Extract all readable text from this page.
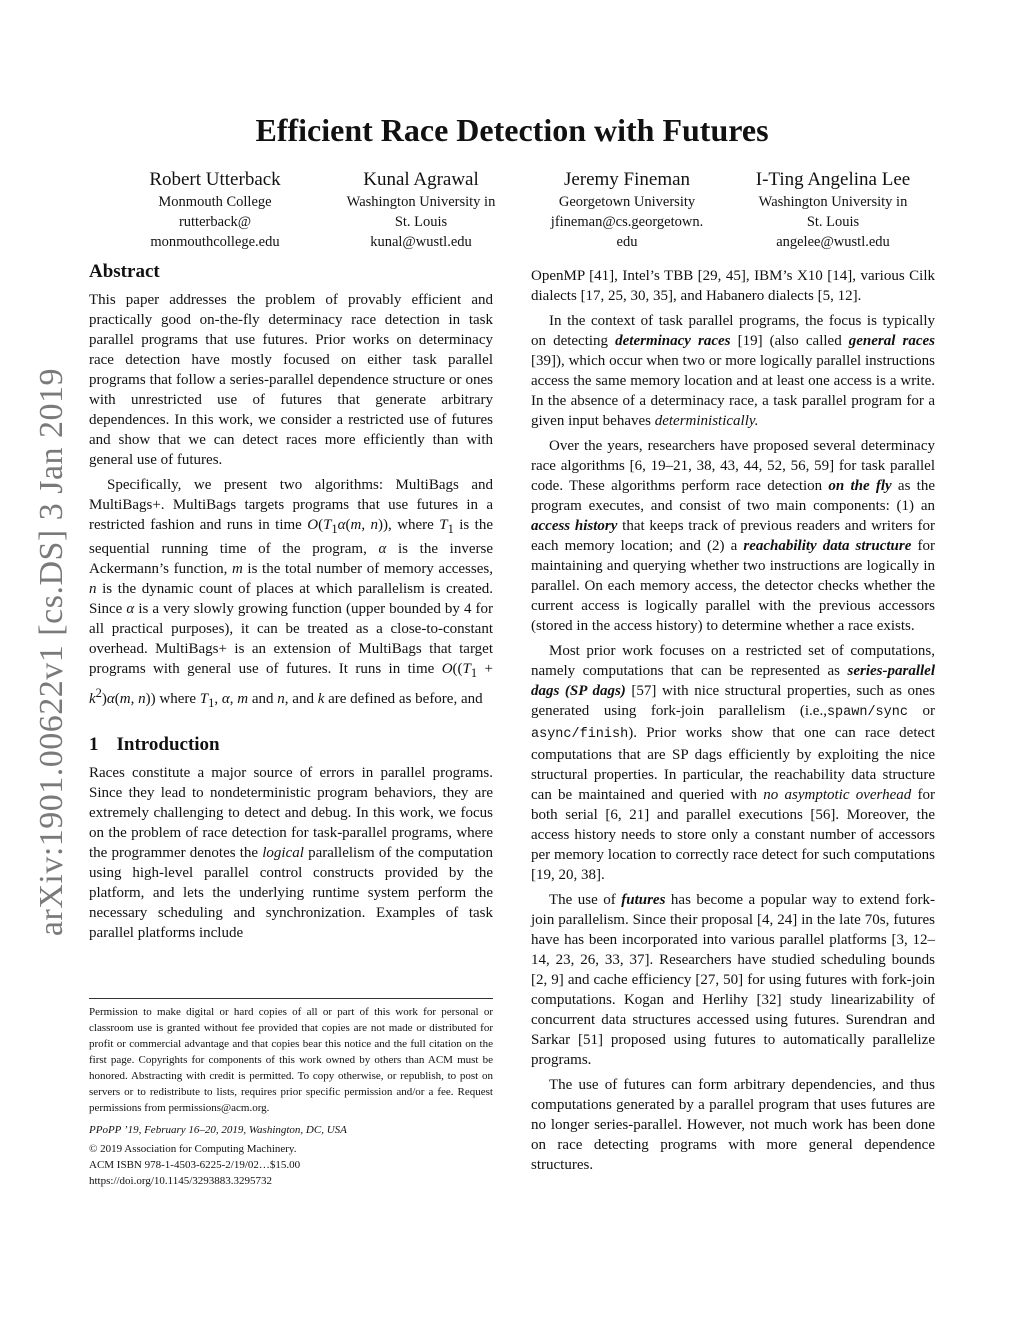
arXiv:1901.00622v1 [cs.DS] 3 Jan 2019
Efficient Race Detection with Futures
Robert Utterback
Monmouth College
rutterback@
monmouthcollege.edu
Kunal Agrawal
Washington University in
St. Louis
kunal@wustl.edu
Jeremy Fineman
Georgetown University
jfineman@cs.georgetown.
edu
I-Ting Angelina Lee
Washington University in
St. Louis
angelee@wustl.edu
Abstract

This paper addresses the problem of provably efficient and practically good on-the-fly determinacy race detection in task parallel programs that use futures. Prior works on determinacy race detection have mostly focused on either task parallel programs that follow a series-parallel dependence structure or ones with unrestricted use of futures that generate arbitrary dependences. In this work, we consider a restricted use of futures and show that we can detect races more efficiently than with general use of futures.

Specifically, we present two algorithms: MultiBags and MultiBags+. MultiBags targets programs that use futures in a restricted fashion and runs in time $O(T_1\alpha(m$, n)), where $T_1$ is the sequential running time of the program, α is the inverse Ackermann’s function, m is the total number of memory accesses, n is the dynamic count of places at which parallelism is created. Since α is a very slowly growing function (upper bounded by 4 for all practical purposes), it can be treated as a close-to-constant overhead. MultiBags+ is an extension of MultiBags that target programs with general use of futures. It runs in time $O((T_1 + k^2)\alpha(m$, n)) where $T_1$, α, m and n, and k are defined as before, and

1 Introduction

Races constitute a major source of errors in parallel programs. Since they lead to nondeterministic program behaviors, they are extremely challenging to detect and debug. In this work, we focus on the problem of race detection for task-parallel programs, where the programmer denotes the logical parallelism of the computation using high-level parallel control constructs provided by the platform, and lets the underlying runtime system perform the necessary scheduling and synchronization. Examples of task parallel platforms include

Permission to make digital or hard copies of all or part of this work for personal or classroom use is granted without fee provided that copies are not made or distributed for profit or commercial advantage and that copies bear this notice and the full citation on the first page. Copyrights for components of this work owned by others than ACM must be honored. Abstracting with credit is permitted. To copy otherwise, or republish, to post on servers or to redistribute to lists, requires prior specific permission and/or a fee. Request permissions from permissions@acm.org.

PPoPP ’19, February 16–20, 2019, Washington, DC, USA

© 2019 Association for Computing Machinery.

ACM ISBN 978-1-4503-6225-2/19/02…$15.00

https://doi.org/10.1145/3293883.3295732

OpenMP [41], Intel’s TBB [29, 45], IBM’s X10 [14], various Cilk dialects [17, 25, 30, 35], and Habanero dialects [5, 12].

In the context of task parallel programs, the focus is typically on detecting determinacy races [19] (also called general races [39]), which occur when two or more logically parallel instructions access the same memory location and at least one access is a write. In the absence of a determinacy race, a task parallel program for a given input behaves deterministically.

Over the years, researchers have proposed several determinacy race algorithms [6, 19–21, 38, 43, 44, 52, 56, 59] for task parallel code. These algorithms perform race detection on the fly as the program executes, and consist of two main components: (1) an access history that keeps track of previous readers and writers for each memory location; and (2) a reachability data structure for maintaining and querying whether two instructions are logically in parallel. On each memory access, the detector checks whether the current access is logically parallel with the previous accessors (stored in the access history) to determine whether a race exists.

Most prior work focuses on a restricted set of computations, namely computations that can be represented as series-parallel dags (SP dags) [57] with nice structural properties, such as ones generated using fork-join parallelism (i.e.,spawn/sync or async/finish). Prior works show that one can race detect computations that are SP dags efficiently by exploiting the nice structural properties. In particular, the reachability data structure can be maintained and queried with no asymptotic overhead for both serial [6, 21] and parallel executions [56]. Moreover, the access history needs to store only a constant number of accessors per memory location to correctly race detect for such computations [19, 20, 38].

The use of futures has become a popular way to extend fork-join parallelism. Since their proposal [4, 24] in the late 70s, futures have has been incorporated into various parallel platforms [3, 12–14, 23, 26, 33, 37]. Researchers have studied scheduling bounds [2, 9] and cache efficiency [27, 50] for using futures with fork-join computations. Kogan and Herlihy [32] study linearizability of concurrent data structures accessed using futures. Surendran and Sarkar [51] proposed using futures to automatically parallelize programs.

The use of futures can form arbitrary dependencies, and thus computations generated by a parallel program that uses futures are no longer series-parallel. However, not much work has been done on race detecting programs with more general dependence structures.
